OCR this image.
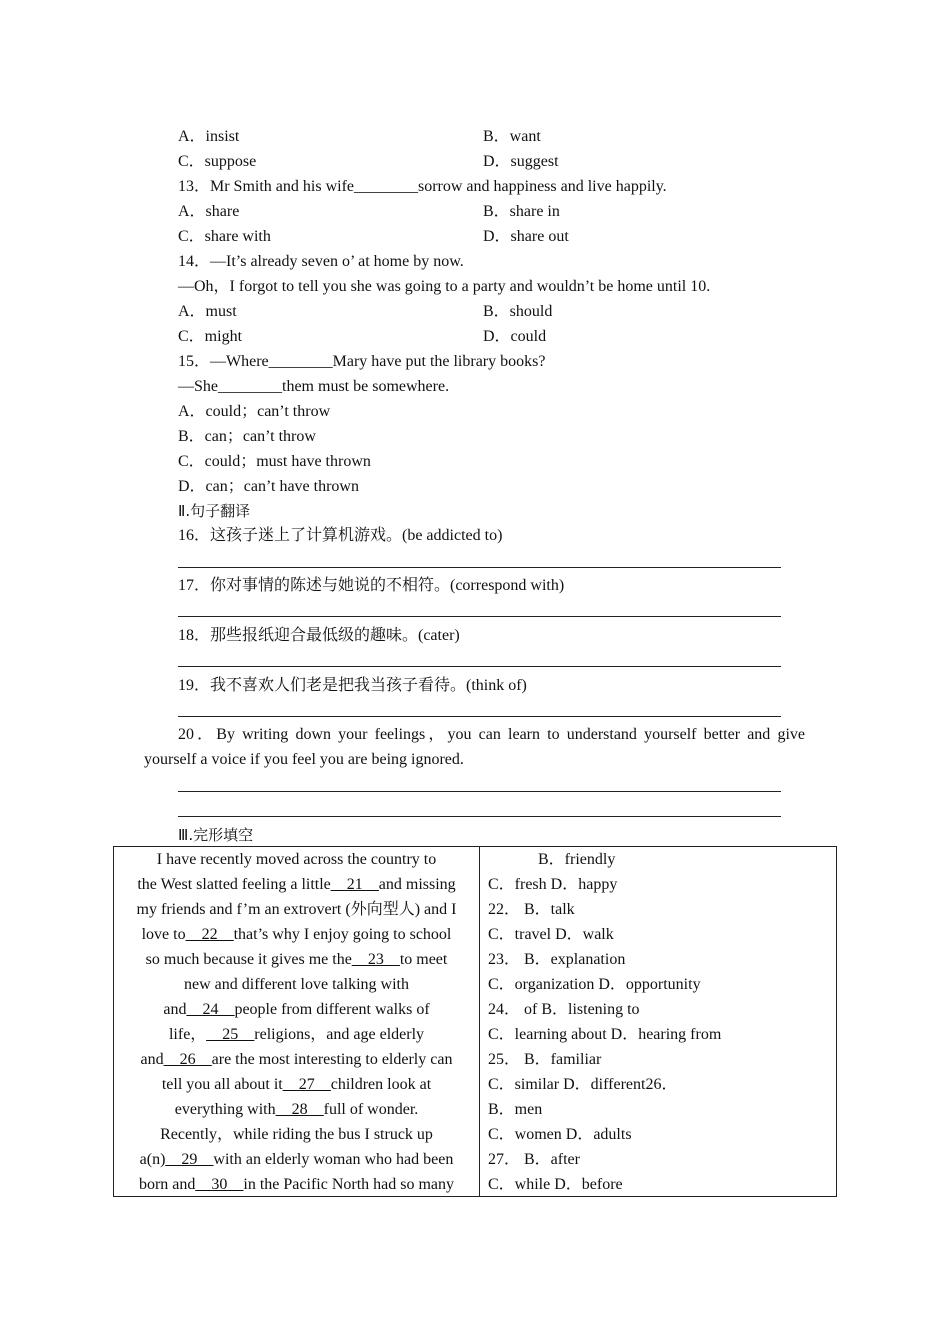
A．insist	B．want
C．suppose	D．suggest
13．Mr Smith and his wife________sorrow and happiness and live happily.
A．share	B．share in
C．share with	D．share out
14．—It’s already seven o’ at home by now.
—Oh，I forgot to tell you she was going to a party and wouldn’t be home until 10.
A．must	B．should
C．might	D．could
15．—Where________Mary have put the library books?
—She________them must be somewhere.
A．could；can’t throw
B．can；can’t throw
C．could；must have thrown
D．can；can’t have thrown
Ⅱ.句子翻译
16．这孩子迷上了计算机游戏。(be addicted to)
17．你对事情的陈述与她说的不相符。(correspond with)
18．那些报纸迎合最低级的趣味。(cater)
19．我不喜欢人们老是把我当孩子看待。(think of)
20．By writing down your feelings，you can learn to understand yourself better and give
yourself a voice if you feel you are being ignored.
Ⅲ.完形填空
I have recently moved across the country to
the West slatted feeling a little__21__and missing
my friends and f’m an extrovert (外向型人) and I
love to__22__that’s why I enjoy going to school
so much because it gives me the__23__to meet
new and different love talking with
and__24__people from different walks of
life，__25__religions，and age elderly
and__26__are the most interesting to elderly can
tell you all about it__27__children look at
everything with__28__full of wonder.
Recently，while riding the bus I struck up
a(n)__29__with an elderly woman who had been
born and__30__in the Pacific North had so many
B．friendly
C．fresh D．happy
22． B．talk
C．travel D．walk
23． B．explanation
C．organization D．opportunity
24． of B．listening to
C．learning about D．hearing from
25． B．familiar
C．similar D．different26．
B．men
C．women D．adults
27． B．after
C．while D．before
